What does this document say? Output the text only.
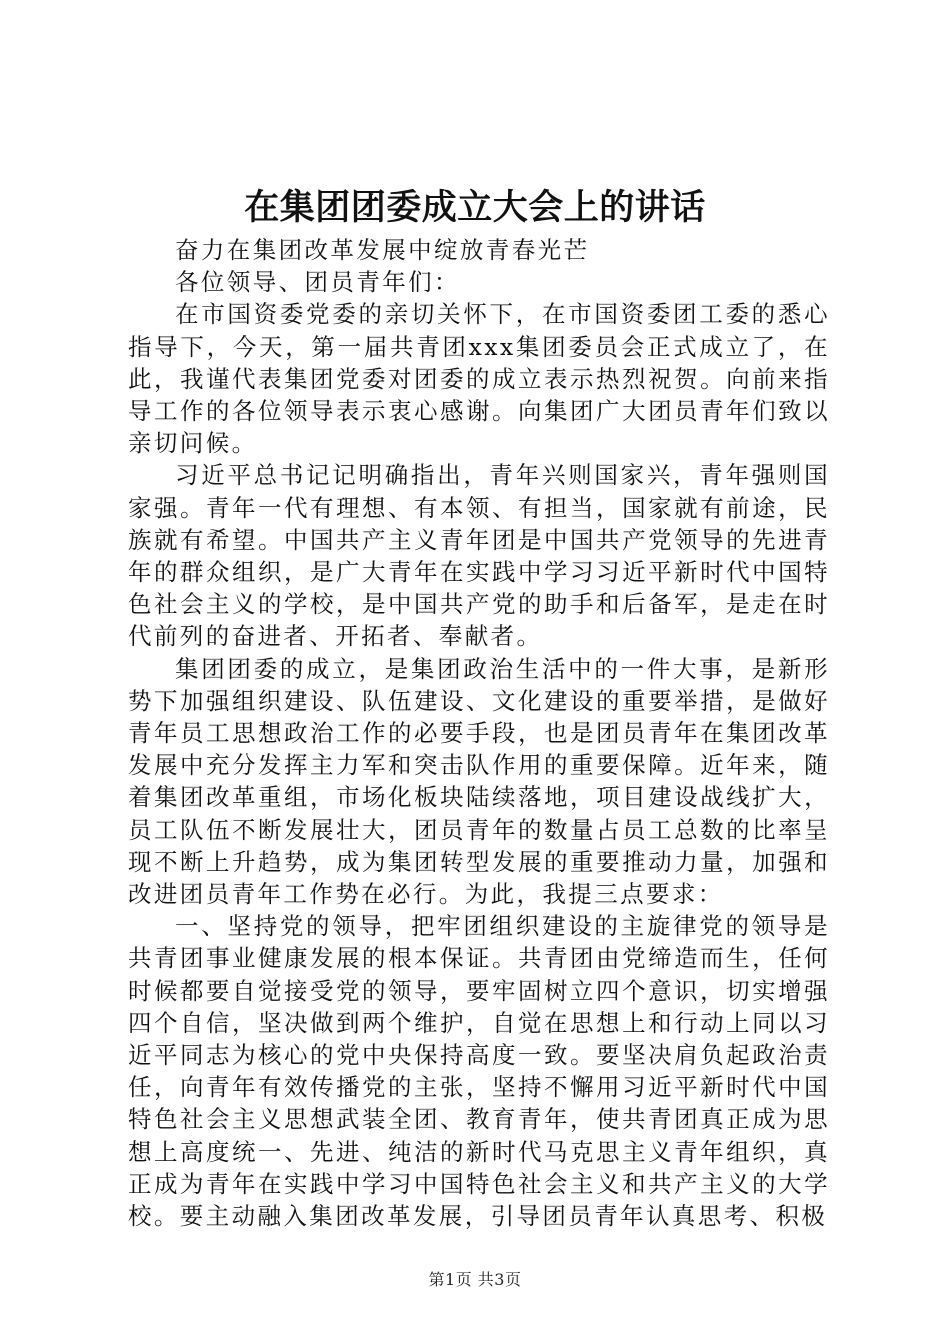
在集团团委成立大会上的讲话

奋力在集团改革发展中绽放青春光芒

各位领导、团员青年们：

在市国资委党委的亲切关怀下，在市国资委团工委的悉心指导下，今天，第一届共青团xxx集团委员会正式成立了，在此，我谨代表集团党委对团委的成立表示热烈祝贺。向前来指导工作的各位领导表示衷心感谢。向集团广大团员青年们致以亲切问候。

习近平总书记记明确指出，青年兴则国家兴，青年强则国家强。青年一代有理想、有本领、有担当，国家就有前途，民族就有希望。中国共产主义青年团是中国共产党领导的先进青年的群众组织，是广大青年在实践中学习习近平新时代中国特色社会主义的学校，是中国共产党的助手和后备军，是走在时代前列的奋进者、开拓者、奉献者。

集团团委的成立，是集团政治生活中的一件大事，是新形势下加强组织建设、队伍建设、文化建设的重要举措，是做好青年员工思想政治工作的必要手段，也是团员青年在集团改革发展中充分发挥主力军和突击队作用的重要保障。近年来，随着集团改革重组，市场化板块陆续落地，项目建设战线扩大，员工队伍不断发展壮大，团员青年的数量占员工总数的比率呈现不断上升趋势，成为集团转型发展的重要推动力量，加强和改进团员青年工作势在必行。为此，我提三点要求：

一、坚持党的领导，把牢团组织建设的主旋律党的领导是共青团事业健康发展的根本保证。共青团由党缔造而生，任何时候都要自觉接受党的领导，要牢固树立四个意识，切实增强四个自信，坚决做到两个维护，自觉在思想上和行动上同以习近平同志为核心的党中央保持高度一致。要坚决肩负起政治责任，向青年有效传播党的主张，坚持不懈用习近平新时代中国特色社会主义思想武装全团、教育青年，使共青团真正成为思想上高度统一、先进、纯洁的新时代马克思主义青年组织，真正成为青年在实践中学习中国特色社会主义和共产主义的大学校。要主动融入集团改革发展，引导团员青年认真思考、积极

第1页 共3页
